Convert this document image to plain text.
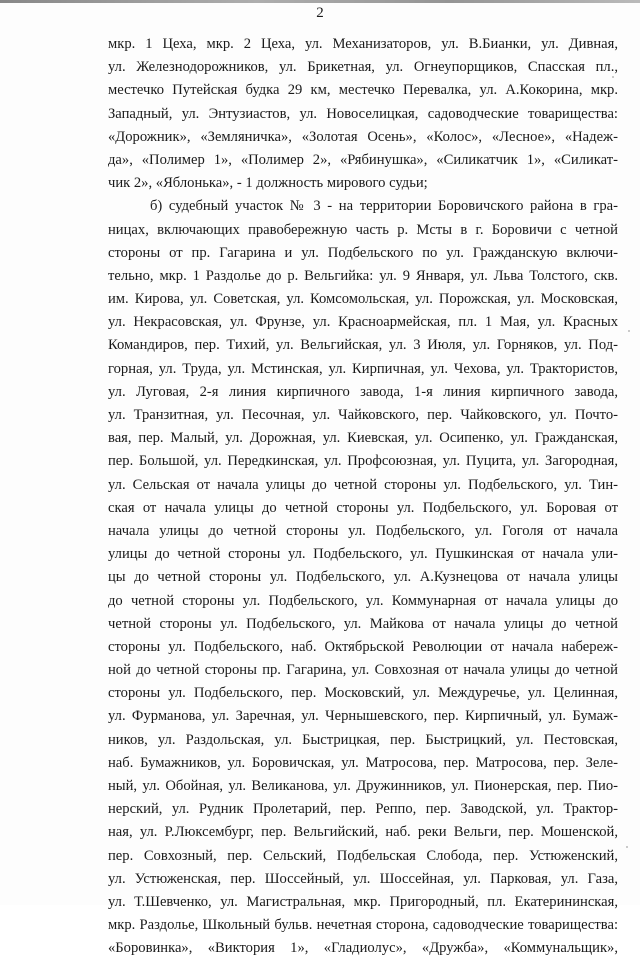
2
мкр. 1 Цеха, мкр. 2 Цеха, ул. Механизаторов, ул. В.Бианки, ул. Дивная,
ул. Железнодорожников, ул. Брикетная, ул. Огнеупорщиков, Спасская пл.,
местечко Путейская будка 29 км, местечко Перевалка, ул. А.Кокорина, мкр.
Западный, ул. Энтузиастов, ул. Новоселицкая, садоводческие товарищества:
«Дорожник», «Земляничка», «Золотая Осень», «Колос», «Лесное», «Надеж-
да», «Полимер 1», «Полимер 2», «Рябинушка», «Силикатчик 1», «Силикат-
чик 2», «Яблонька», - 1 должность мирового судьи;
б) судебный участок № 3 - на территории Боровичского района в гра-
ницах, включающих правобережную часть р. Мсты в г. Боровичи с четной
стороны от пр. Гагарина и ул. Подбельского по ул. Гражданскую включи-
тельно, мкр. 1 Раздолье до р. Вельгийка: ул. 9 Января, ул. Льва Толстого, скв.
им. Кирова, ул. Советская, ул. Комсомольская, ул. Порожская, ул. Московская,
ул. Некрасовская, ул. Фрунзе, ул. Красноармейская, пл. 1 Мая, ул. Красных
Командиров, пер. Тихий, ул. Вельгийская, ул. 3 Июля, ул. Горняков, ул. Под-
горная, ул. Труда, ул. Мстинская, ул. Кирпичная, ул. Чехова, ул. Трактористов,
ул. Луговая, 2-я линия кирпичного завода, 1-я линия кирпичного завода,
ул. Транзитная, ул. Песочная, ул. Чайковского, пер. Чайковского, ул. Почто-
вая, пер. Малый, ул. Дорожная, ул. Киевская, ул. Осипенко, ул. Гражданская,
пер. Большой, ул. Передкинская, ул. Профсоюзная, ул. Пуцита, ул. Загородная,
ул. Сельская от начала улицы до четной стороны ул. Подбельского, ул. Тин-
ская от начала улицы до четной стороны ул. Подбельского, ул. Боровая от
начала улицы до четной стороны ул. Подбельского, ул. Гоголя от начала
улицы до четной стороны ул. Подбельского, ул. Пушкинская от начала ули-
цы до четной стороны ул. Подбельского, ул. А.Кузнецова от начала улицы
до четной стороны ул. Подбельского, ул. Коммунарная от начала улицы до
четной стороны ул. Подбельского, ул. Майкова от начала улицы до четной
стороны ул. Подбельского, наб. Октябрьской Революции от начала набереж-
ной до четной стороны пр. Гагарина, ул. Совхозная от начала улицы до четной
стороны ул. Подбельского, пер. Московский, ул. Междуречье, ул. Целинная,
ул. Фурманова, ул. Заречная, ул. Чернышевского, пер. Кирпичный, ул. Бумаж-
ников, ул. Раздольская, ул. Быстрицкая, пер. Быстрицкий, ул. Пестовская,
наб. Бумажников, ул. Боровичская, ул. Матросова, пер. Матросова, пер. Зеле-
ный, ул. Обойная, ул. Великанова, ул. Дружинников, ул. Пионерская, пер. Пио-
нерский, ул. Рудник Пролетарий, пер. Реппо, пер. Заводской, ул. Трактор-
ная, ул. Р.Люксембург, пер. Вельгийский, наб. реки Вельги, пер. Мошенской,
пер. Совхозный, пер. Сельский, Подбельская Слобода, пер. Устюженский,
ул. Устюженская, пер. Шоссейный, ул. Шоссейная, ул. Парковая, ул. Газа,
ул. Т.Шевченко, ул. Магистральная, мкр. Пригородный, пл. Екатерининская,
мкр. Раздолье, Школьный бульв. нечетная сторона, садоводческие товарищества:
«Боровинка», «Виктория 1», «Гладиолус», «Дружба», «Коммунальщик»,
